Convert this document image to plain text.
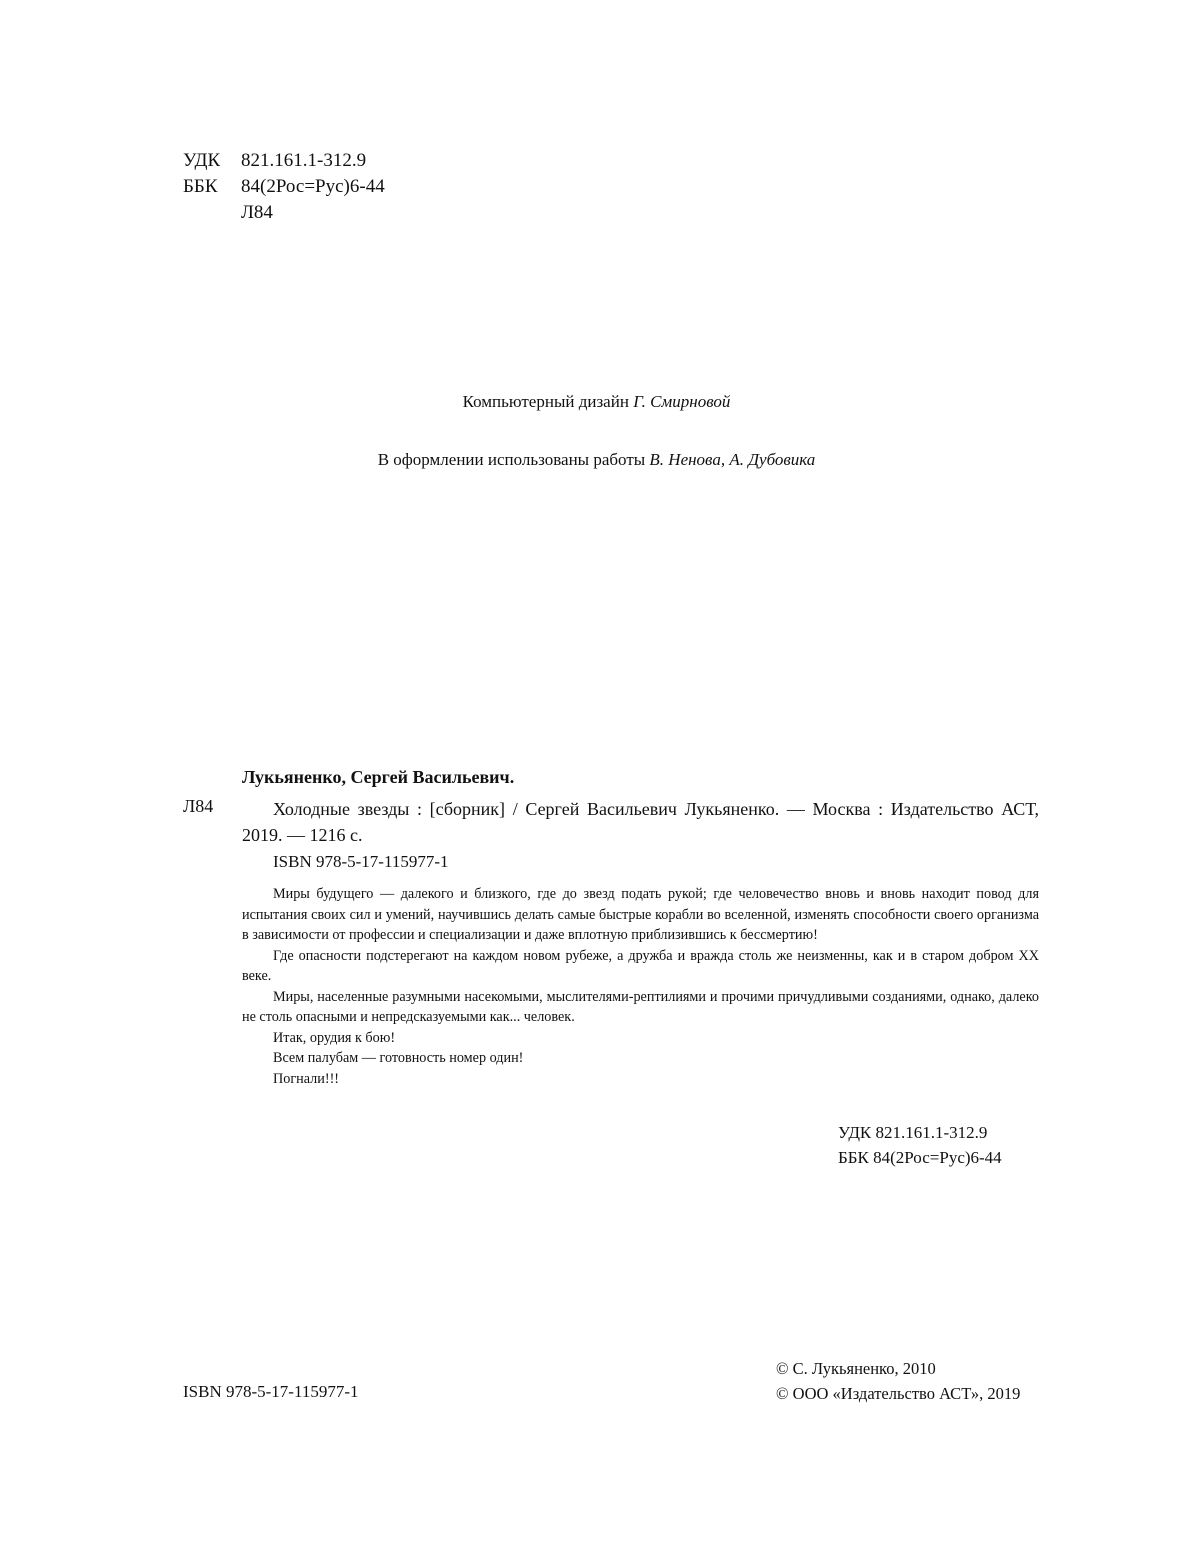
УДК	821.161.1-312.9
ББК	84(2Рос=Рус)6-44
Л84
Компьютерный дизайн Г. Смирновой
В оформлении использованы работы В. Ненова, А. Дубовика
Лукьяненко, Сергей Васильевич.
Л84	Холодные звезды : [сборник] / Сергей Васильевич Лукьяненко. — Москва : Издательство АСТ, 2019. — 1216 с.
ISBN 978-5-17-115977-1

Миры будущего — далекого и близкого, где до звезд подать рукой; где человечество вновь и вновь находит повод для испытания своих сил и умений, научившись делать самые быстрые корабли во вселенной, изменять способности своего организма в зависимости от профессии и специализации и даже вплотную приблизившись к бессмертию!

Где опасности подстерегают на каждом новом рубеже, а дружба и вражда столь же неизменны, как и в старом добром XX веке.

Миры, населенные разумными насекомыми, мыслителями-рептилиями и прочими причудливыми созданиями, однако, далеко не столь опасными и непредсказуемыми как... человек.

Итак, орудия к бою!

Всем палубам — готовность номер один!

Погнали!!!

УДК 821.161.1-312.9
ББК 84(2Рос=Рус)6-44
ISBN 978-5-17-115977-1
© С. Лукьяненко, 2010
© ООО «Издательство АСТ», 2019
